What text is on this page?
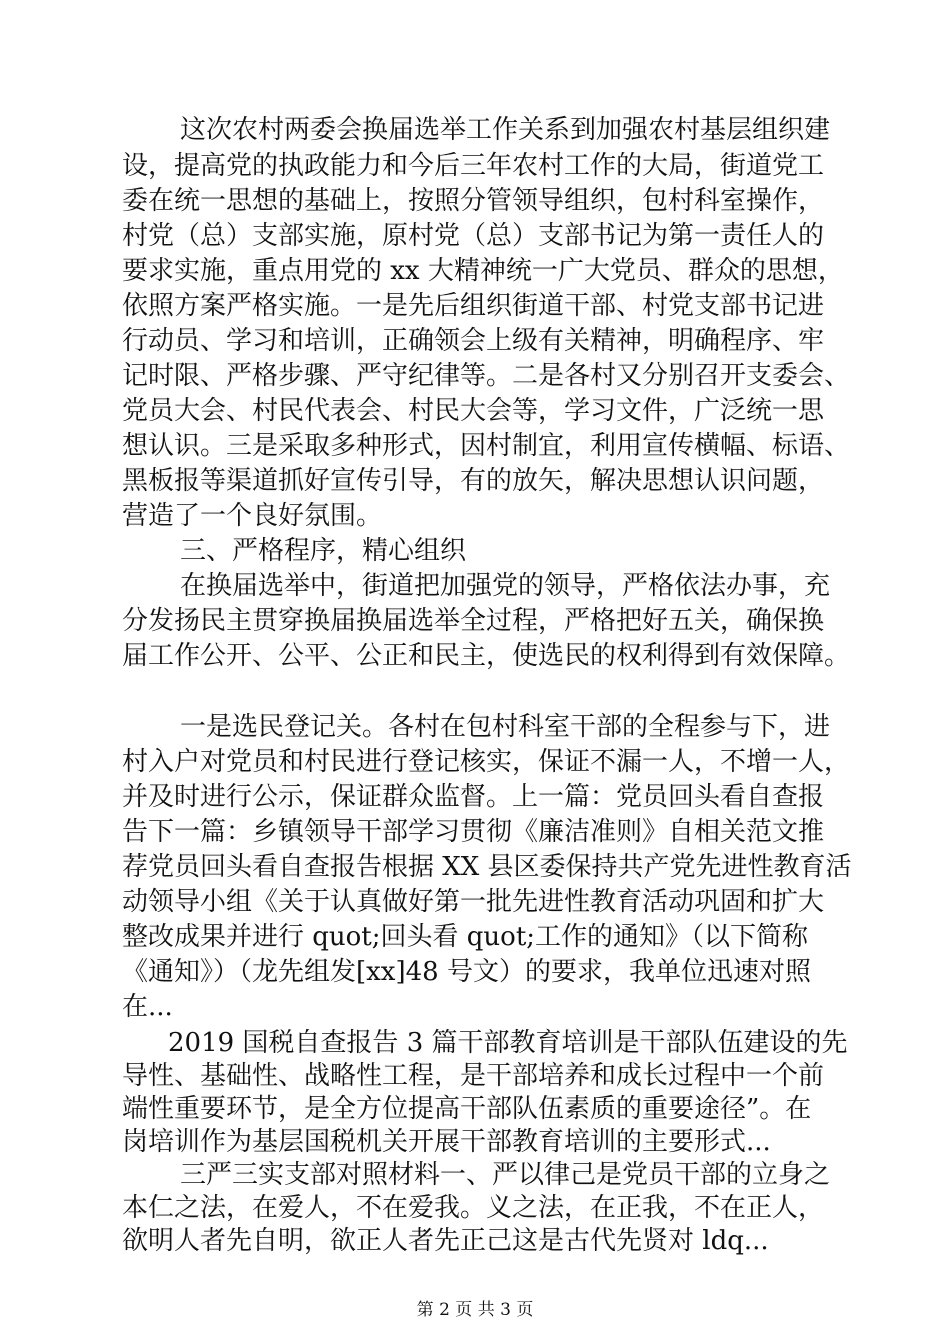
这次农村两委会换届选举工作关系到加强农村基层组织建
设，提高党的执政能力和今后三年农村工作的大局，街道党工
委在统一思想的基础上，按照分管领导组织，包村科室操作，
村党（总）支部实施，原村党（总）支部书记为第一责任人的
要求实施，重点用党的 xx 大精神统一广大党员、群众的思想，
依照方案严格实施。一是先后组织街道干部、村党支部书记进
行动员、学习和培训，正确领会上级有关精神，明确程序、牢
记时限、严格步骤、严守纪律等。二是各村又分别召开支委会、
党员大会、村民代表会、村民大会等，学习文件，广泛统一思
想认识。三是采取多种形式，因村制宜，利用宣传横幅、标语、
黑板报等渠道抓好宣传引导，有的放矢，解决思想认识问题，
营造了一个良好氛围。
三、严格程序，精心组织
在换届选举中，街道把加强党的领导，严格依法办事，充
分发扬民主贯穿换届换届选举全过程，严格把好五关，确保换
届工作公开、公平、公正和民主，使选民的权利得到有效保障。
一是选民登记关。各村在包村科室干部的全程参与下，进
村入户对党员和村民进行登记核实，保证不漏一人，不增一人，
并及时进行公示，保证群众监督。上一篇：党员回头看自查报
告下一篇：乡镇领导干部学习贯彻《廉洁准则》自相关范文推
荐党员回头看自查报告根据 XX 县区委保持共产党先进性教育活
动领导小组《关于认真做好第一批先进性教育活动巩固和扩大
整改成果并进行 quot;回头看 quot;工作的通知》（以下简称
《通知》）（龙先组发[xx]48 号文）的要求，我单位迅速对照
在...
2019 国税自查报告 3 篇干部教育培训是干部队伍建设的先
导性、基础性、战略性工程，是干部培养和成长过程中一个前
端性重要环节，是全方位提高干部队伍素质的重要途径”。在
岗培训作为基层国税机关开展干部教育培训的主要形式...
三严三实支部对照材料一、严以律己是党员干部的立身之
本仁之法，在爱人，不在爱我。义之法，在正我，不在正人，
第 2 页 共 3 页
欲明人者先自明，欲正人者先正己这是古代先贤对 ldq...
